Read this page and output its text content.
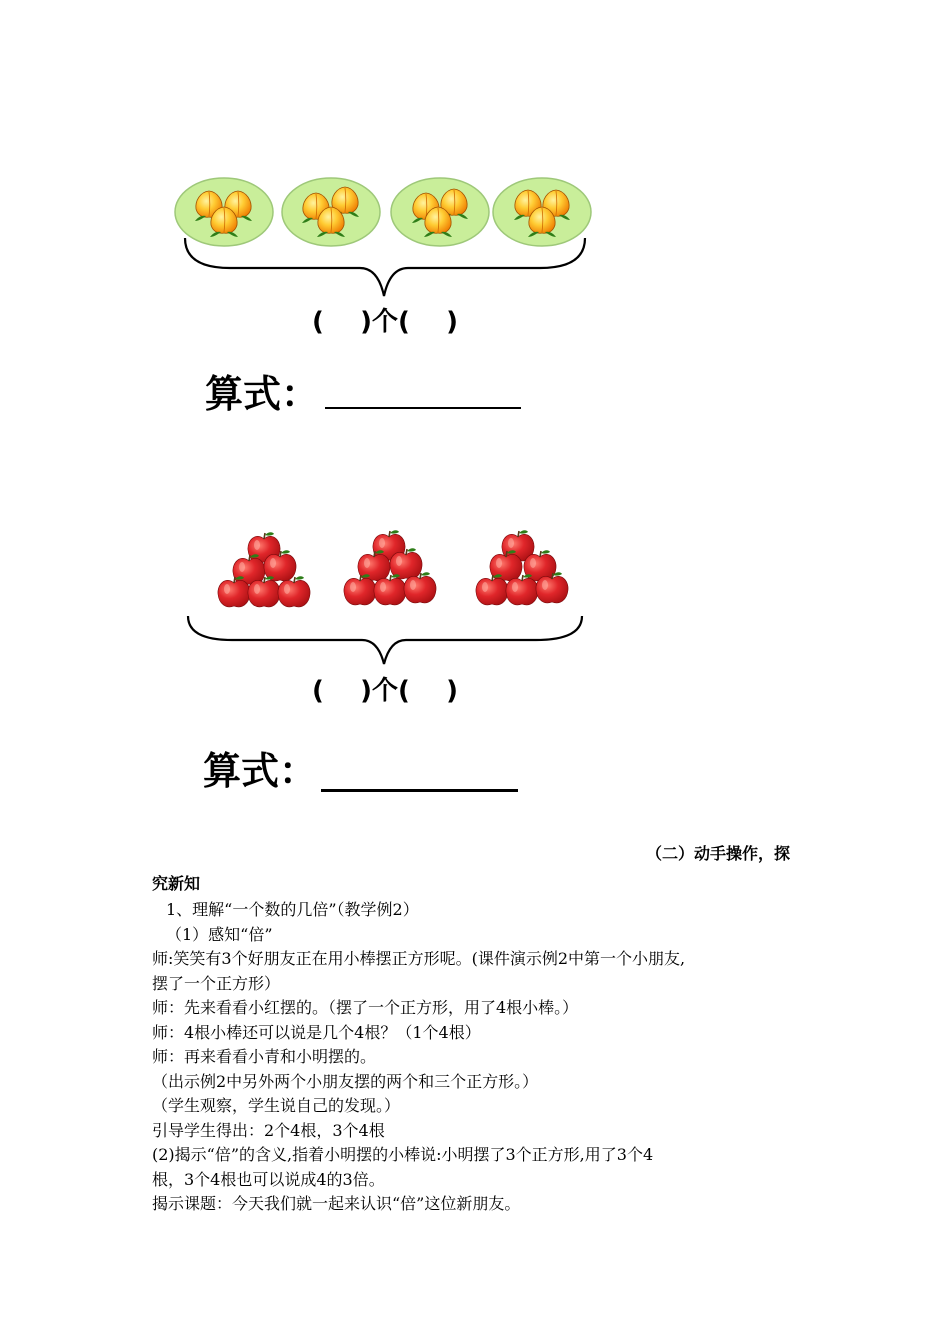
(    )个(    )
算式：
(    )个(    )
算式：
（二）动手操作，探
究新知
1、理解“一个数的几倍”（教学例2）
（1）感知“倍”
师:笑笑有3个好朋友正在用小棒摆正方形呢。(课件演示例2中第一个小朋友,
摆了一个正方形）
师：先来看看小红摆的。（摆了一个正方形，用了4根小棒。）
师：4根小棒还可以说是几个4根？（1个4根）
师：再来看看小青和小明摆的。
（出示例2中另外两个小朋友摆的两个和三个正方形。）
（学生观察，学生说自己的发现。）
引导学生得出：2个4根，3个4根
(2)揭示“倍”的含义,指着小明摆的小棒说:小明摆了3个正方形,用了3个4
根，3个4根也可以说成4的3倍。
揭示课题：今天我们就一起来认识“倍”这位新朋友。
